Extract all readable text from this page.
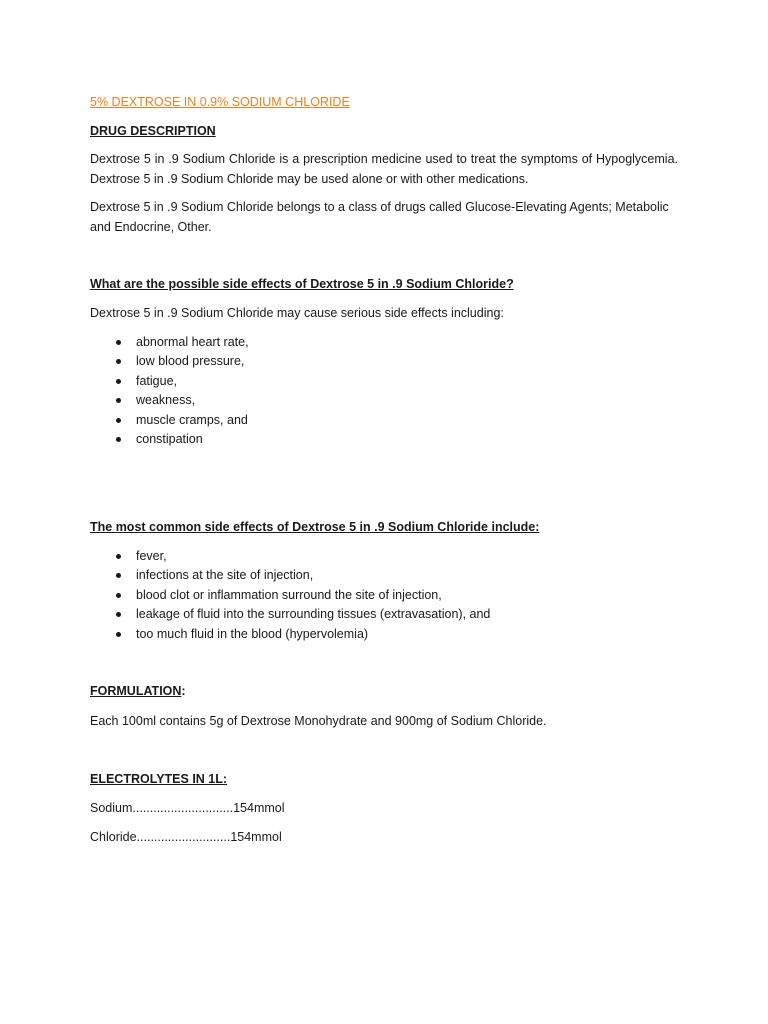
5% DEXTROSE IN 0.9% SODIUM CHLORIDE
DRUG DESCRIPTION
Dextrose 5 in .9 Sodium Chloride is a prescription medicine used to treat the symptoms of Hypoglycemia. Dextrose 5 in .9 Sodium Chloride may be used alone or with other medications.
Dextrose 5 in .9 Sodium Chloride belongs to a class of drugs called Glucose-Elevating Agents; Metabolic and Endocrine, Other.
What are the possible side effects of Dextrose 5 in .9 Sodium Chloride?
Dextrose 5 in .9 Sodium Chloride may cause serious side effects including:
abnormal heart rate,
low blood pressure,
fatigue,
weakness,
muscle cramps, and
constipation
The most common side effects of Dextrose 5 in .9 Sodium Chloride include:
fever,
infections at the site of injection,
blood clot or inflammation surround the site of injection,
leakage of fluid into the surrounding tissues (extravasation), and
too much fluid in the blood (hypervolemia)
FORMULATION:
Each 100ml contains 5g of Dextrose Monohydrate and 900mg of Sodium Chloride.
ELECTROLYTES IN 1L:
Sodium.............................154mmol
Chloride...........................154mmol
